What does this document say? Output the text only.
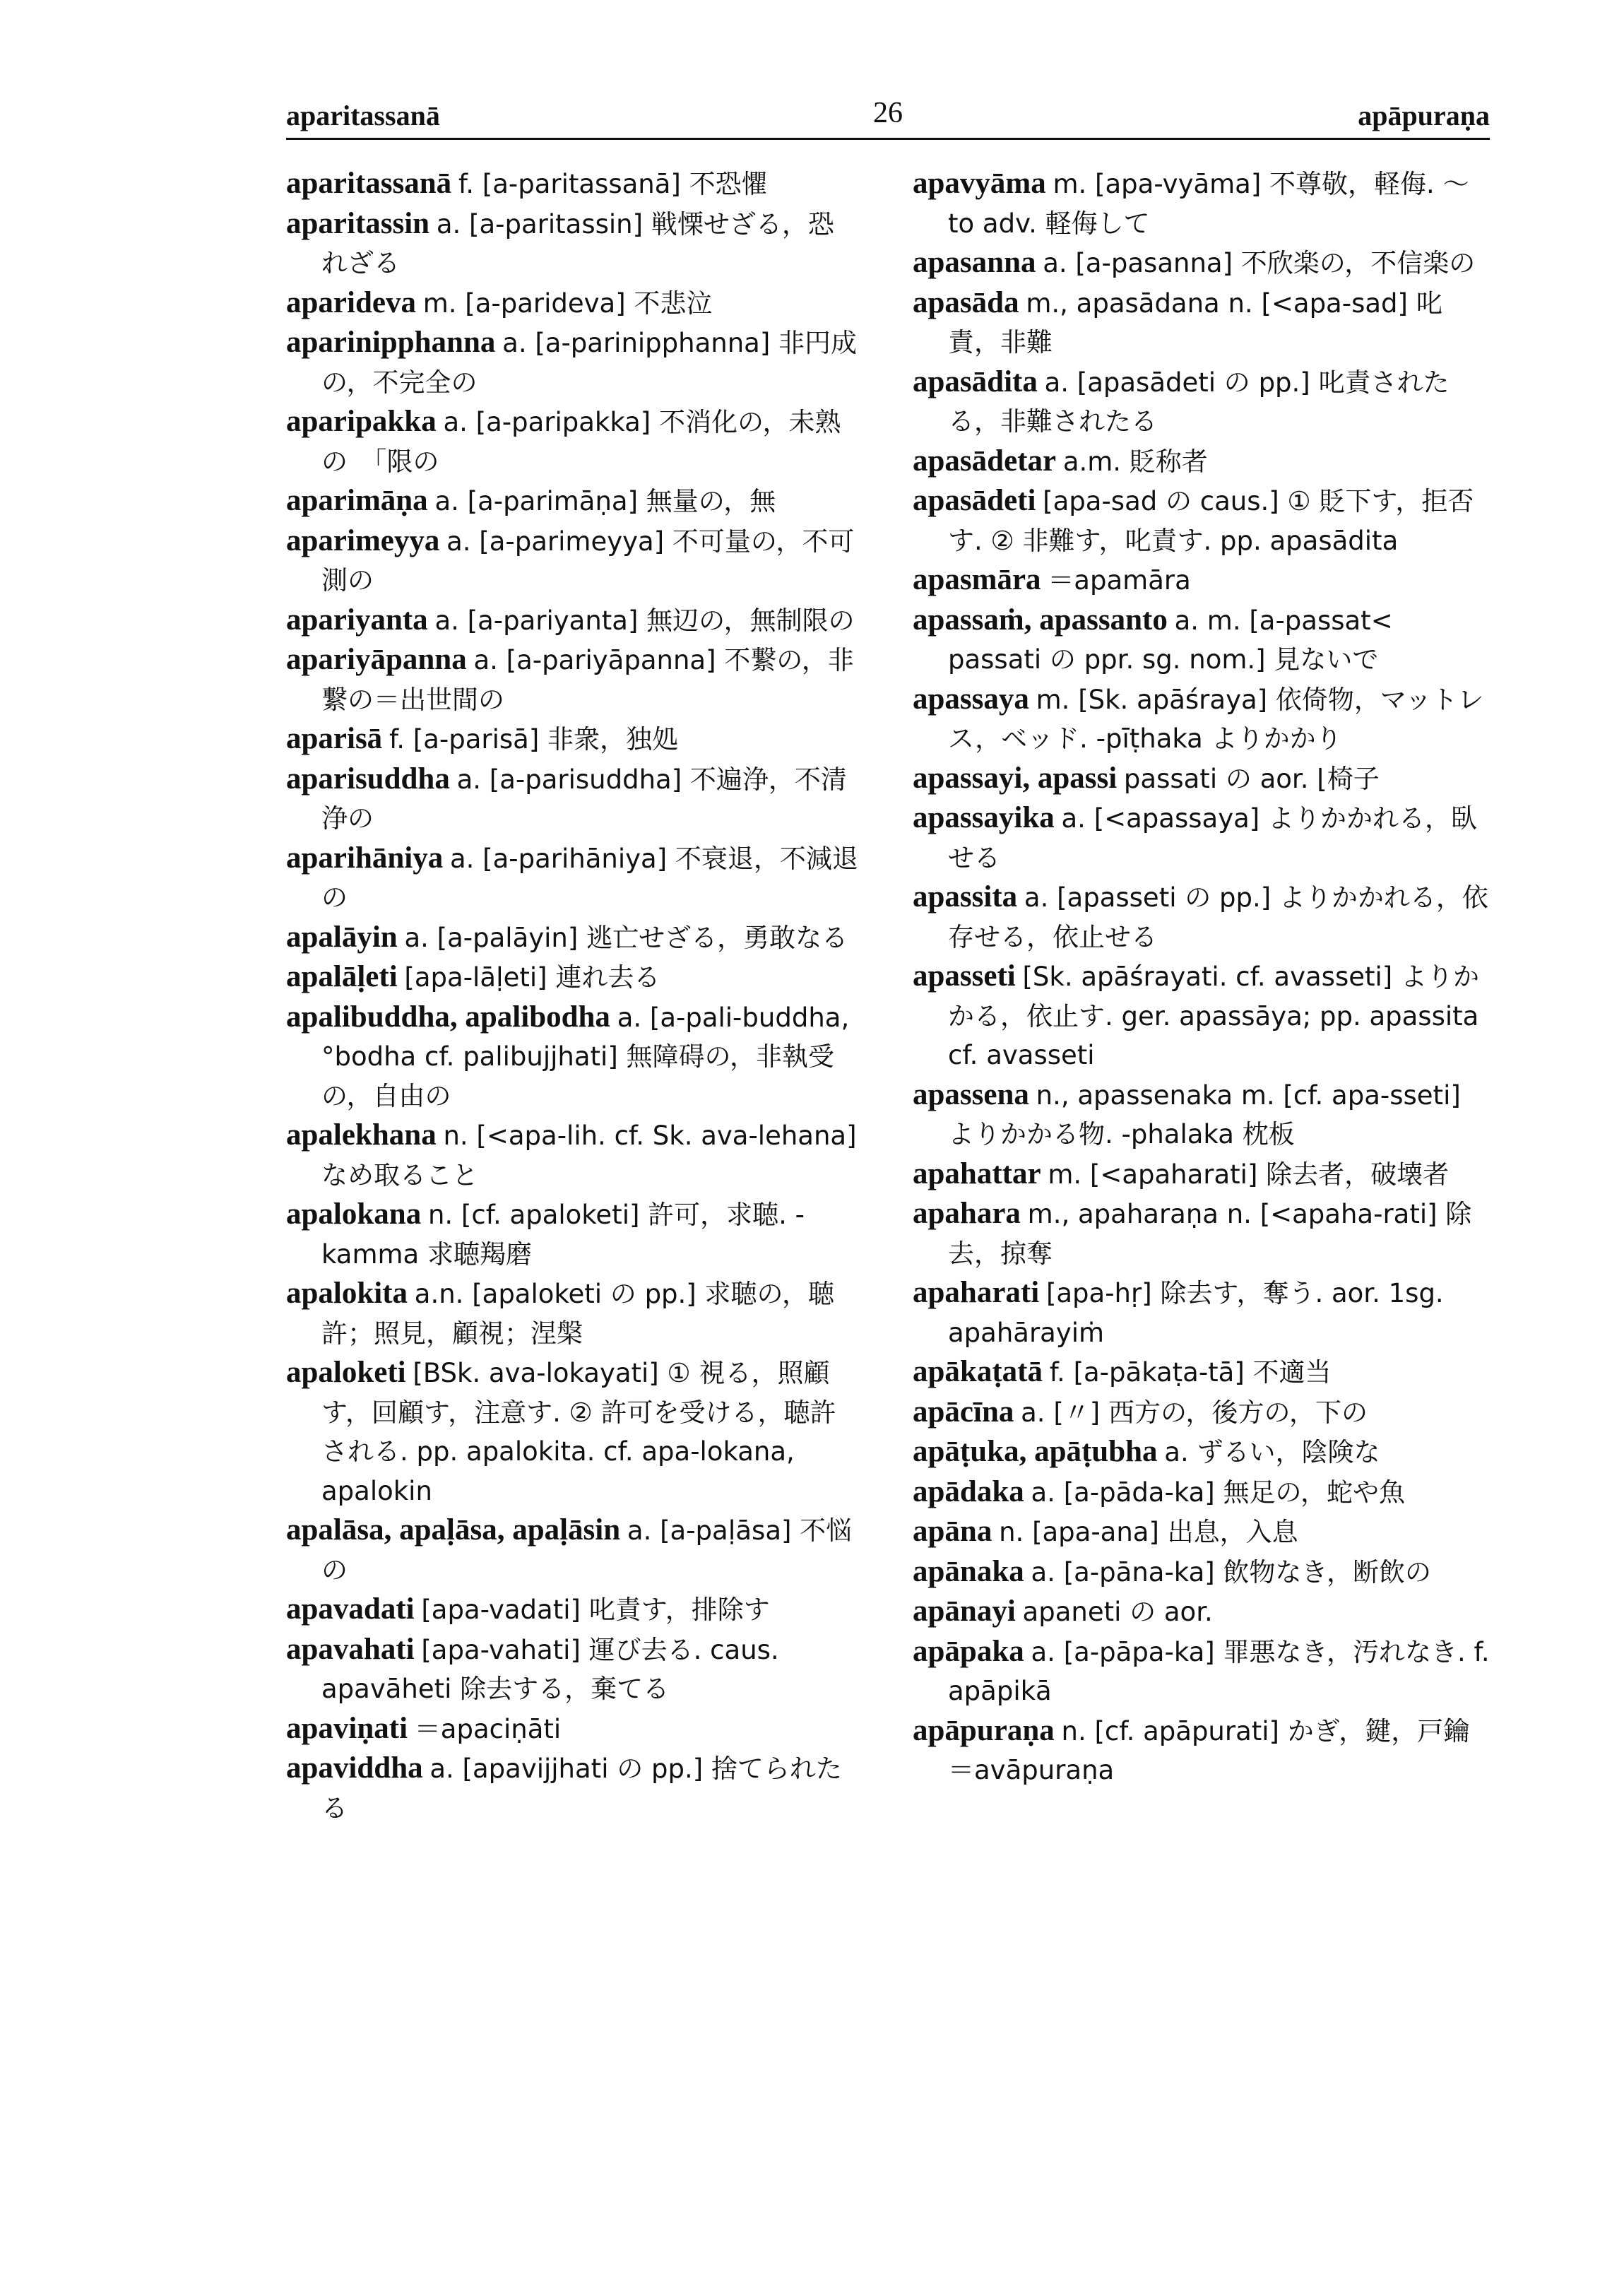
aparitassanā	26	apāpuraṇa

aparitassanā f. [a-paritassanā] 不恐懼

aparitassin a. [a-paritassin] 戦慄せざる，恐れざる

aparideva m. [a-parideva] 不悲泣

aparinipphanna a. [a-parinipphanna] 非円成の，不完全の

aparipakka a. [a-paripakka] 不消化の，未熟の　「限の

aparimāṇa a. [a-parimāṇa] 無量の，無

aparimeyya a. [a-parimeyya] 不可量の，不可測の

apariyanta a. [a-pariyanta] 無辺の，無制限の

apariyāpanna a. [a-pariyāpanna] 不繋の，非繋の＝出世間の

aparisā f. [a-parisā] 非衆，独処

aparisuddha a. [a-parisuddha] 不遍浄，不清浄の

aparihāniya a. [a-parihāniya] 不衰退，不減退の

apalāyin a. [a-palāyin] 逃亡せざる，勇敢なる

apalāḷeti [apa-lāḷeti] 連れ去る

apalibuddha, apalibodha a. [a-pali-buddha, °bodha cf. palibujjhati] 無障碍の，非執受の，自由の

apalekhana n. [<apa-lih. cf. Sk. ava-lehana] なめ取ること

apalokana n. [cf. apaloketi] 許可，求聴. -kamma 求聴羯磨

apalokita a.n. [apaloketi の pp.] 求聴の，聴許；照見，顧視；涅槃

apaloketi [BSk. ava-lokayati] ① 視る，照顧す，回顧す，注意す. ② 許可を受ける，聴許される. pp. apalokita. cf. apa-lokana, apalokin

apalāsa, apaḷāsa, apaḷāsin a. [a-paḷāsa] 不悩の

apavadati [apa-vadati] 叱責す，排除す

apavahati [apa-vahati] 運び去る. caus. apavāheti 除去する，棄てる

apaviṇati ＝apaciṇāti

apaviddha a. [apavijjhati の pp.] 捨てられたる

apavyāma m. [apa-vyāma] 不尊敬，軽侮. ～to adv. 軽侮して

apasanna a. [a-pasanna] 不欣楽の，不信楽の

apasāda m., apasādana n. [<apa-sad] 叱責，非難

apasādita a. [apasādeti の pp.] 叱責されたる，非難されたる

apasādetar a.m. 貶称者

apasādeti [apa-sad の caus.] ① 貶下す，拒否す. ② 非難す，叱責す. pp. apasādita

apasmāra ＝apamāra

apassaṁ, apassanto a. m. [a-passat< passati の ppr. sg. nom.] 見ないで

apassaya m. [Sk. apāśraya] 依倚物，マットレス，ベッド. -pīṭhaka よりかかり

apassayi, apassi passati の aor. ⌊椅子

apassayika a. [<apassaya] よりかかれる，臥せる

apassita a. [apasseti の pp.] よりかかれる，依存せる，依止せる

apasseti [Sk. apāśrayati. cf. avasseti] よりかかる，依止す. ger. apassāya; pp. apassita cf. avasseti

apassena n., apassenaka m. [cf. apa-sseti] よりかかる物. -phalaka 枕板

apahattar m. [<apaharati] 除去者，破壊者

apahara m., apaharaṇa n. [<apaha-rati] 除去，掠奪

apaharati [apa-hṛ] 除去す，奪う. aor. 1sg. apahārayiṁ

apākaṭatā f. [a-pākaṭa-tā] 不適当

apācīna a. [〃] 西方の，後方の，下の

apāṭuka, apāṭubha a. ずるい，陰険な

apādaka a. [a-pāda-ka] 無足の，蛇や魚

apāna n. [apa-ana] 出息，入息

apānaka a. [a-pāna-ka] 飲物なき，断飲の

apānayi apaneti の aor.

apāpaka a. [a-pāpa-ka] 罪悪なき，汚れなき. f. apāpikā

apāpuraṇa n. [cf. apāpurati] かぎ，鍵，戸鑰＝avāpuraṇa
